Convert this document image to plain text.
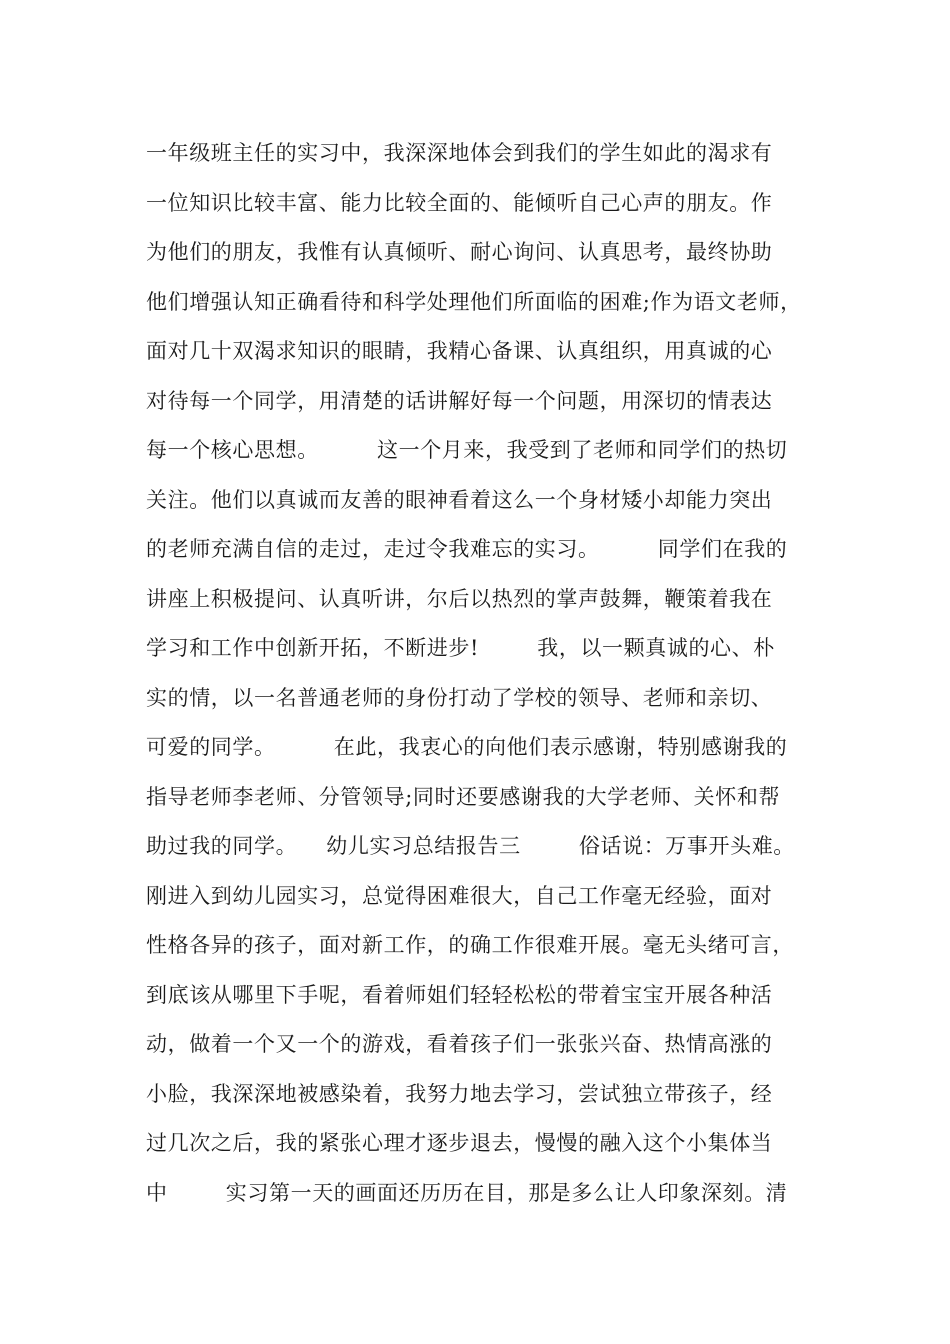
一年级班主任的实习中，我深深地体会到我们的学生如此的渴求有
一位知识比较丰富、能力比较全面的、能倾听自己心声的朋友。作
为他们的朋友，我惟有认真倾听、耐心询问、认真思考，最终协助
他们增强认知正确看待和科学处理他们所面临的困难;作为语文老师，
面对几十双渴求知识的眼睛，我精心备课、认真组织，用真诚的心
对待每一个同学，用清楚的话讲解好每一个问题，用深切的情表达
每一个核心思想。        这一个月来，我受到了老师和同学们的热切
关注。他们以真诚而友善的眼神看着这么一个身材矮小却能力突出
的老师充满自信的走过，走过令我难忘的实习。        同学们在我的
讲座上积极提问、认真听讲，尔后以热烈的掌声鼓舞，鞭策着我在
学习和工作中创新开拓，不断进步!        我，以一颗真诚的心、朴
实的情，以一名普通老师的身份打动了学校的领导、老师和亲切、
可爱的同学。        在此，我衷心的向他们表示感谢，特别感谢我的
指导老师李老师、分管领导;同时还要感谢我的大学老师、关怀和帮
助过我的同学。    幼儿实习总结报告三        俗话说：万事开头难。
刚进入到幼儿园实习，总觉得困难很大，自己工作毫无经验，面对
性格各异的孩子，面对新工作，的确工作很难开展。毫无头绪可言，
到底该从哪里下手呢，看着师姐们轻轻松松的带着宝宝开展各种活
动，做着一个又一个的游戏，看着孩子们一张张兴奋、热情高涨的
小脸，我深深地被感染着，我努力地去学习，尝试独立带孩子，经
过几次之后，我的紧张心理才逐步退去，慢慢的融入这个小集体当
中        实习第一天的画面还历历在目，那是多么让人印象深刻。清
